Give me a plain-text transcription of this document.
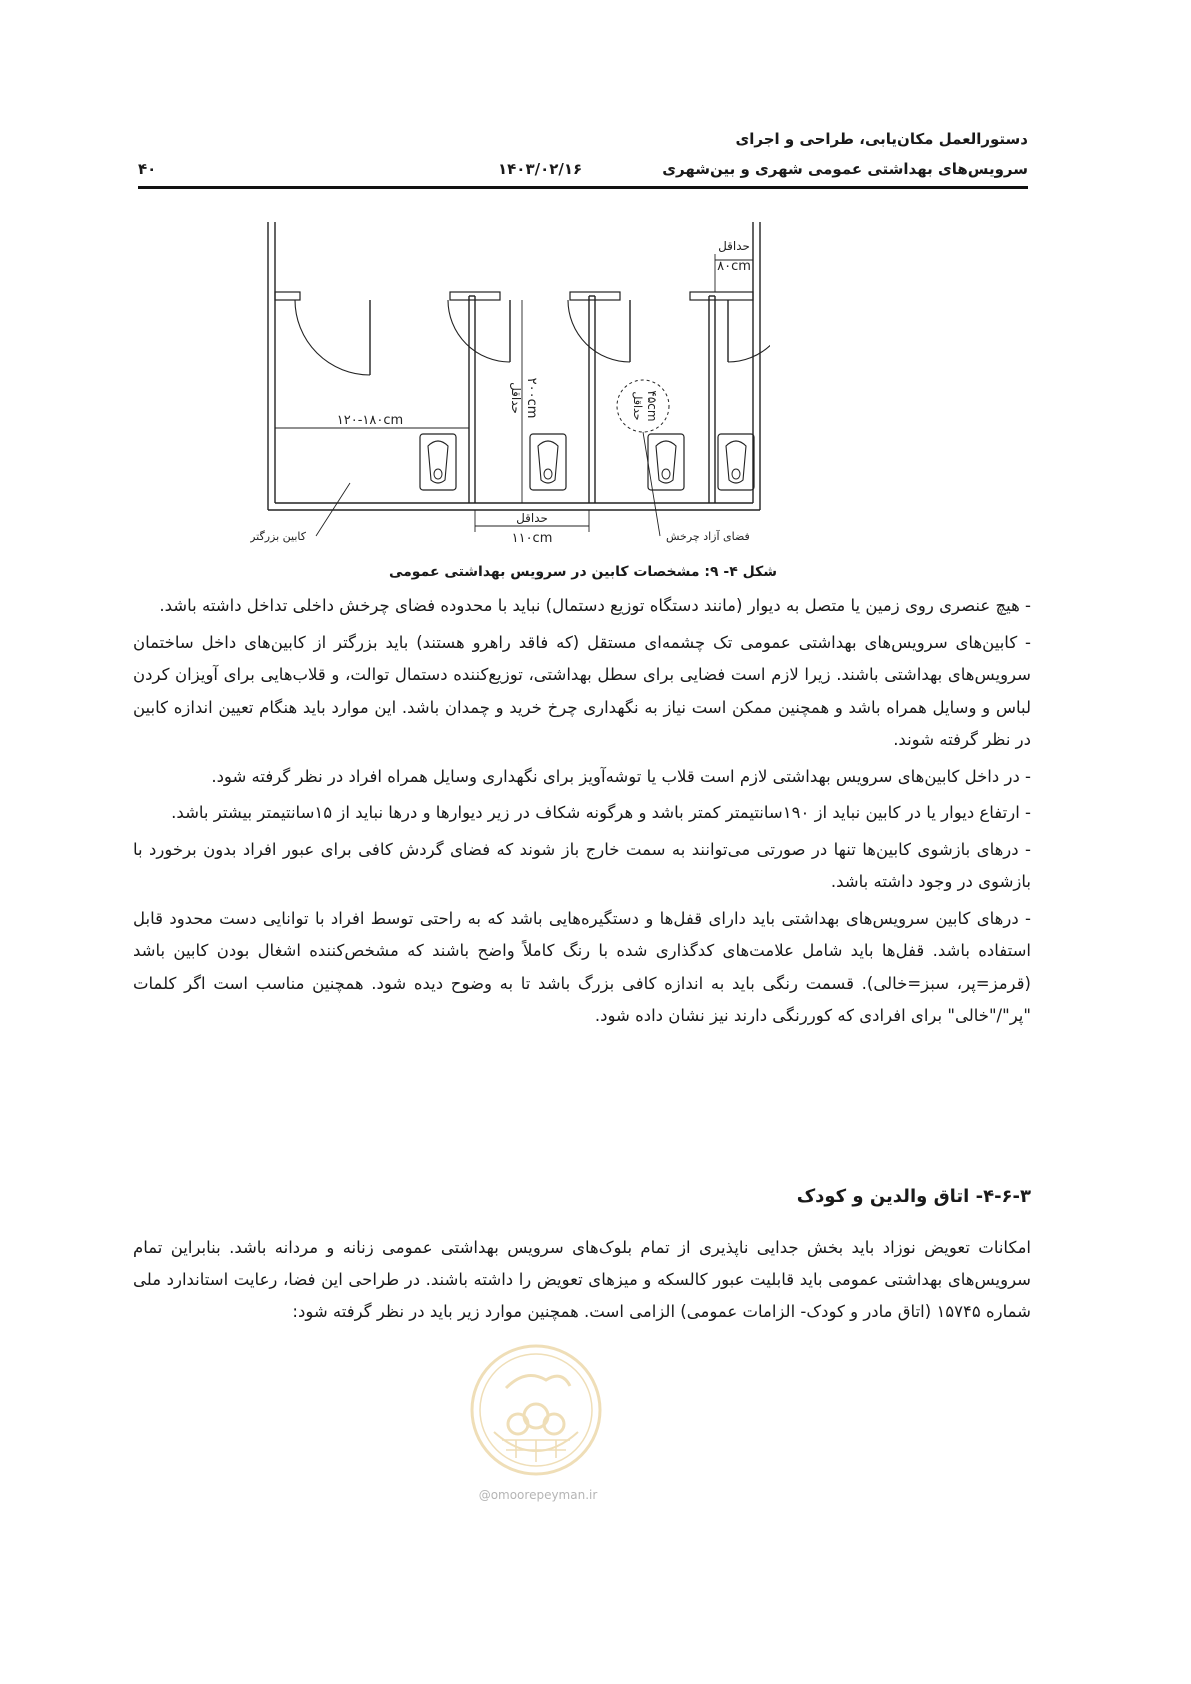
دستورالعمل مکان‌یابی، طراحی و اجرای
سرویس‌های بهداشتی عمومی شهری و بین‌شهری
۱۴۰۳/۰۲/۱۶
۴۰
حداقل
۸۰cm
۱۲۰-۱۸۰cm
حداقل ۲۰۰cm	حداقل ۴۵cm
حداقل
۱۱۰cm
کابین بزرگتر	فضای آزاد چرخش
شکل ۴- ۹: مشخصات کابین در سرویس بهداشتی عمومی

- هیچ عنصری روی زمین یا متصل به دیوار (مانند دستگاه توزیع دستمال) نباید با محدوده فضای چرخش داخلی تداخل داشته باشد.

- کابین‌های سرویس‌های بهداشتی عمومی تک چشمه‌ای مستقل (که فاقد راهرو هستند) باید بزرگتر از کابین‌های داخل ساختمان سرویس‌های بهداشتی باشند. زیرا لازم است فضایی برای سطل بهداشتی، توزیع‌کننده دستمال توالت، و قلاب‌هایی برای آویزان کردن لباس و وسایل همراه باشد و همچنین ممکن است نیاز به نگهداری چرخ خرید و چمدان باشد. این موارد باید هنگام تعیین اندازه کابین در نظر گرفته شوند.

- در داخل کابین‌های سرویس بهداشتی لازم است قلاب یا توشه‌آویز برای نگهداری وسایل همراه افراد در نظر گرفته شود.

- ارتفاع دیوار یا در کابین نباید از ۱۹۰سانتیمتر کمتر باشد و هرگونه شکاف در زیر دیوارها و درها نباید از ۱۵سانتیمتر بیشتر باشد.

- درهای بازشوی کابین‌ها تنها در صورتی می‌توانند به سمت خارج باز شوند که فضای گردش کافی برای عبور افراد بدون برخورد با بازشوی در وجود داشته باشد.

- درهای کابین سرویس‌های بهداشتی باید دارای قفل‌ها و دستگیره‌هایی باشد که به راحتی توسط افراد با توانایی دست محدود قابل استفاده باشد. قفل‌ها باید شامل علامت‌های کدگذاری شده با رنگ کاملاً واضح باشند که مشخص‌کننده اشغال بودن کابین باشد (قرمز=پر، سبز=خالی). قسمت رنگی باید به اندازه کافی بزرگ باشد تا به وضوح دیده شود. همچنین مناسب است اگر کلمات "پر"/"خالی" برای افرادی که کوررنگی دارند نیز نشان داده شود.

۴-۶-۳- اتاق والدین و کودک

امکانات تعویض نوزاد باید بخش جدایی ناپذیری از تمام بلوک‌های سرویس بهداشتی عمومی زنانه و مردانه باشد. بنابراین تمام سرویس‌های بهداشتی عمومی باید قابلیت عبور کالسکه و میزهای تعویض را داشته باشند. در طراحی این فضا، رعایت استاندارد ملی شماره ۱۵۷۴۵ (اتاق مادر و کودک- الزامات عمومی) الزامی است. همچنین موارد زیر باید در نظر گرفته شود:

@omoorepeyman.ir
